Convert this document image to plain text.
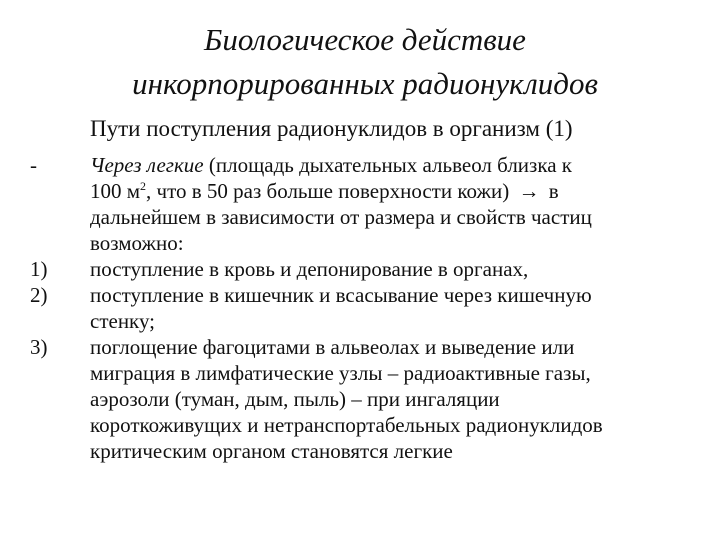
Биологическое действие
инкорпорированных радионуклидов
Пути поступления радионуклидов в организм (1)
-	Через легкие (площадь дыхательных альвеол близка к
100 $м^2$, что в 50 раз больше поверхности кожи) → в
дальнейшем в зависимости от размера и свойств частиц
возможно:
1)	поступление в кровь и депонирование в органах,
2)	поступление в кишечник и всасывание через кишечную
стенку;
3)	поглощение фагоцитами в альвеолах и выведение или
миграция в лимфатические узлы – радиоактивные газы,
аэрозоли (туман, дым, пыль) – при ингаляции
короткоживущих и нетранспортабельных радионуклидов
критическим органом становятся легкие
